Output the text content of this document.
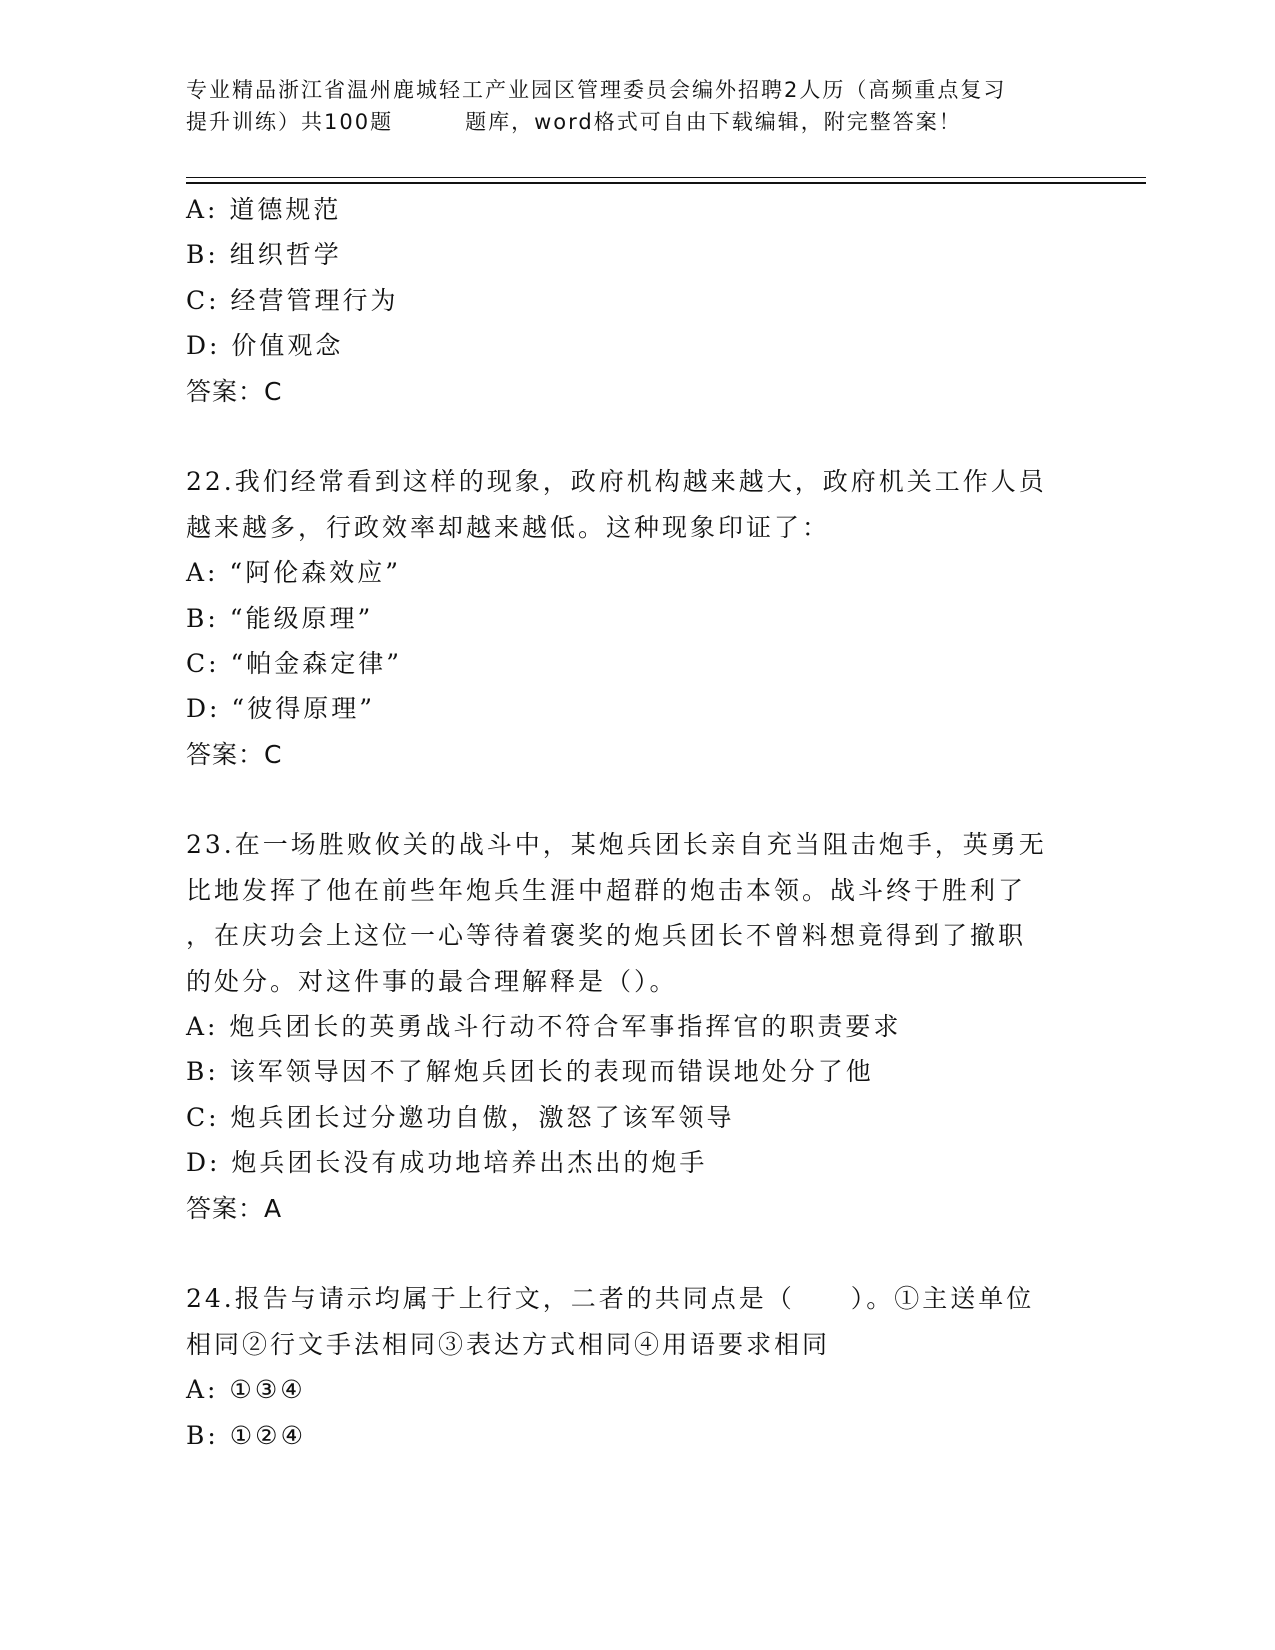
专业精品浙江省温州鹿城轻工产业园区管理委员会编外招聘2人历（高频重点复习
提升训练）共100题	题库，word格式可自由下载编辑，附完整答案！
A: 道德规范
B: 组织哲学
C: 经营管理行为
D: 价值观念
答案：C
22.我们经常看到这样的现象，政府机构越来越大，政府机关工作人员
越来越多，行政效率却越来越低。这种现象印证了：
A: “阿伦森效应”
B: “能级原理”
C: “帕金森定律”
D: “彼得原理”
答案：C
23.在一场胜败攸关的战斗中，某炮兵团长亲自充当阻击炮手，英勇无
比地发挥了他在前些年炮兵生涯中超群的炮击本领。战斗终于胜利了
，在庆功会上这位一心等待着褒奖的炮兵团长不曾料想竟得到了撤职
的处分。对这件事的最合理解释是（）。
A: 炮兵团长的英勇战斗行动不符合军事指挥官的职责要求
B: 该军领导因不了解炮兵团长的表现而错误地处分了他
C: 炮兵团长过分邀功自傲，激怒了该军领导
D: 炮兵团长没有成功地培养出杰出的炮手
答案：A
24.报告与请示均属于上行文，二者的共同点是（　　）。①主送单位
相同②行文手法相同③表达方式相同④用语要求相同
A: ①③④
B: ①②④
